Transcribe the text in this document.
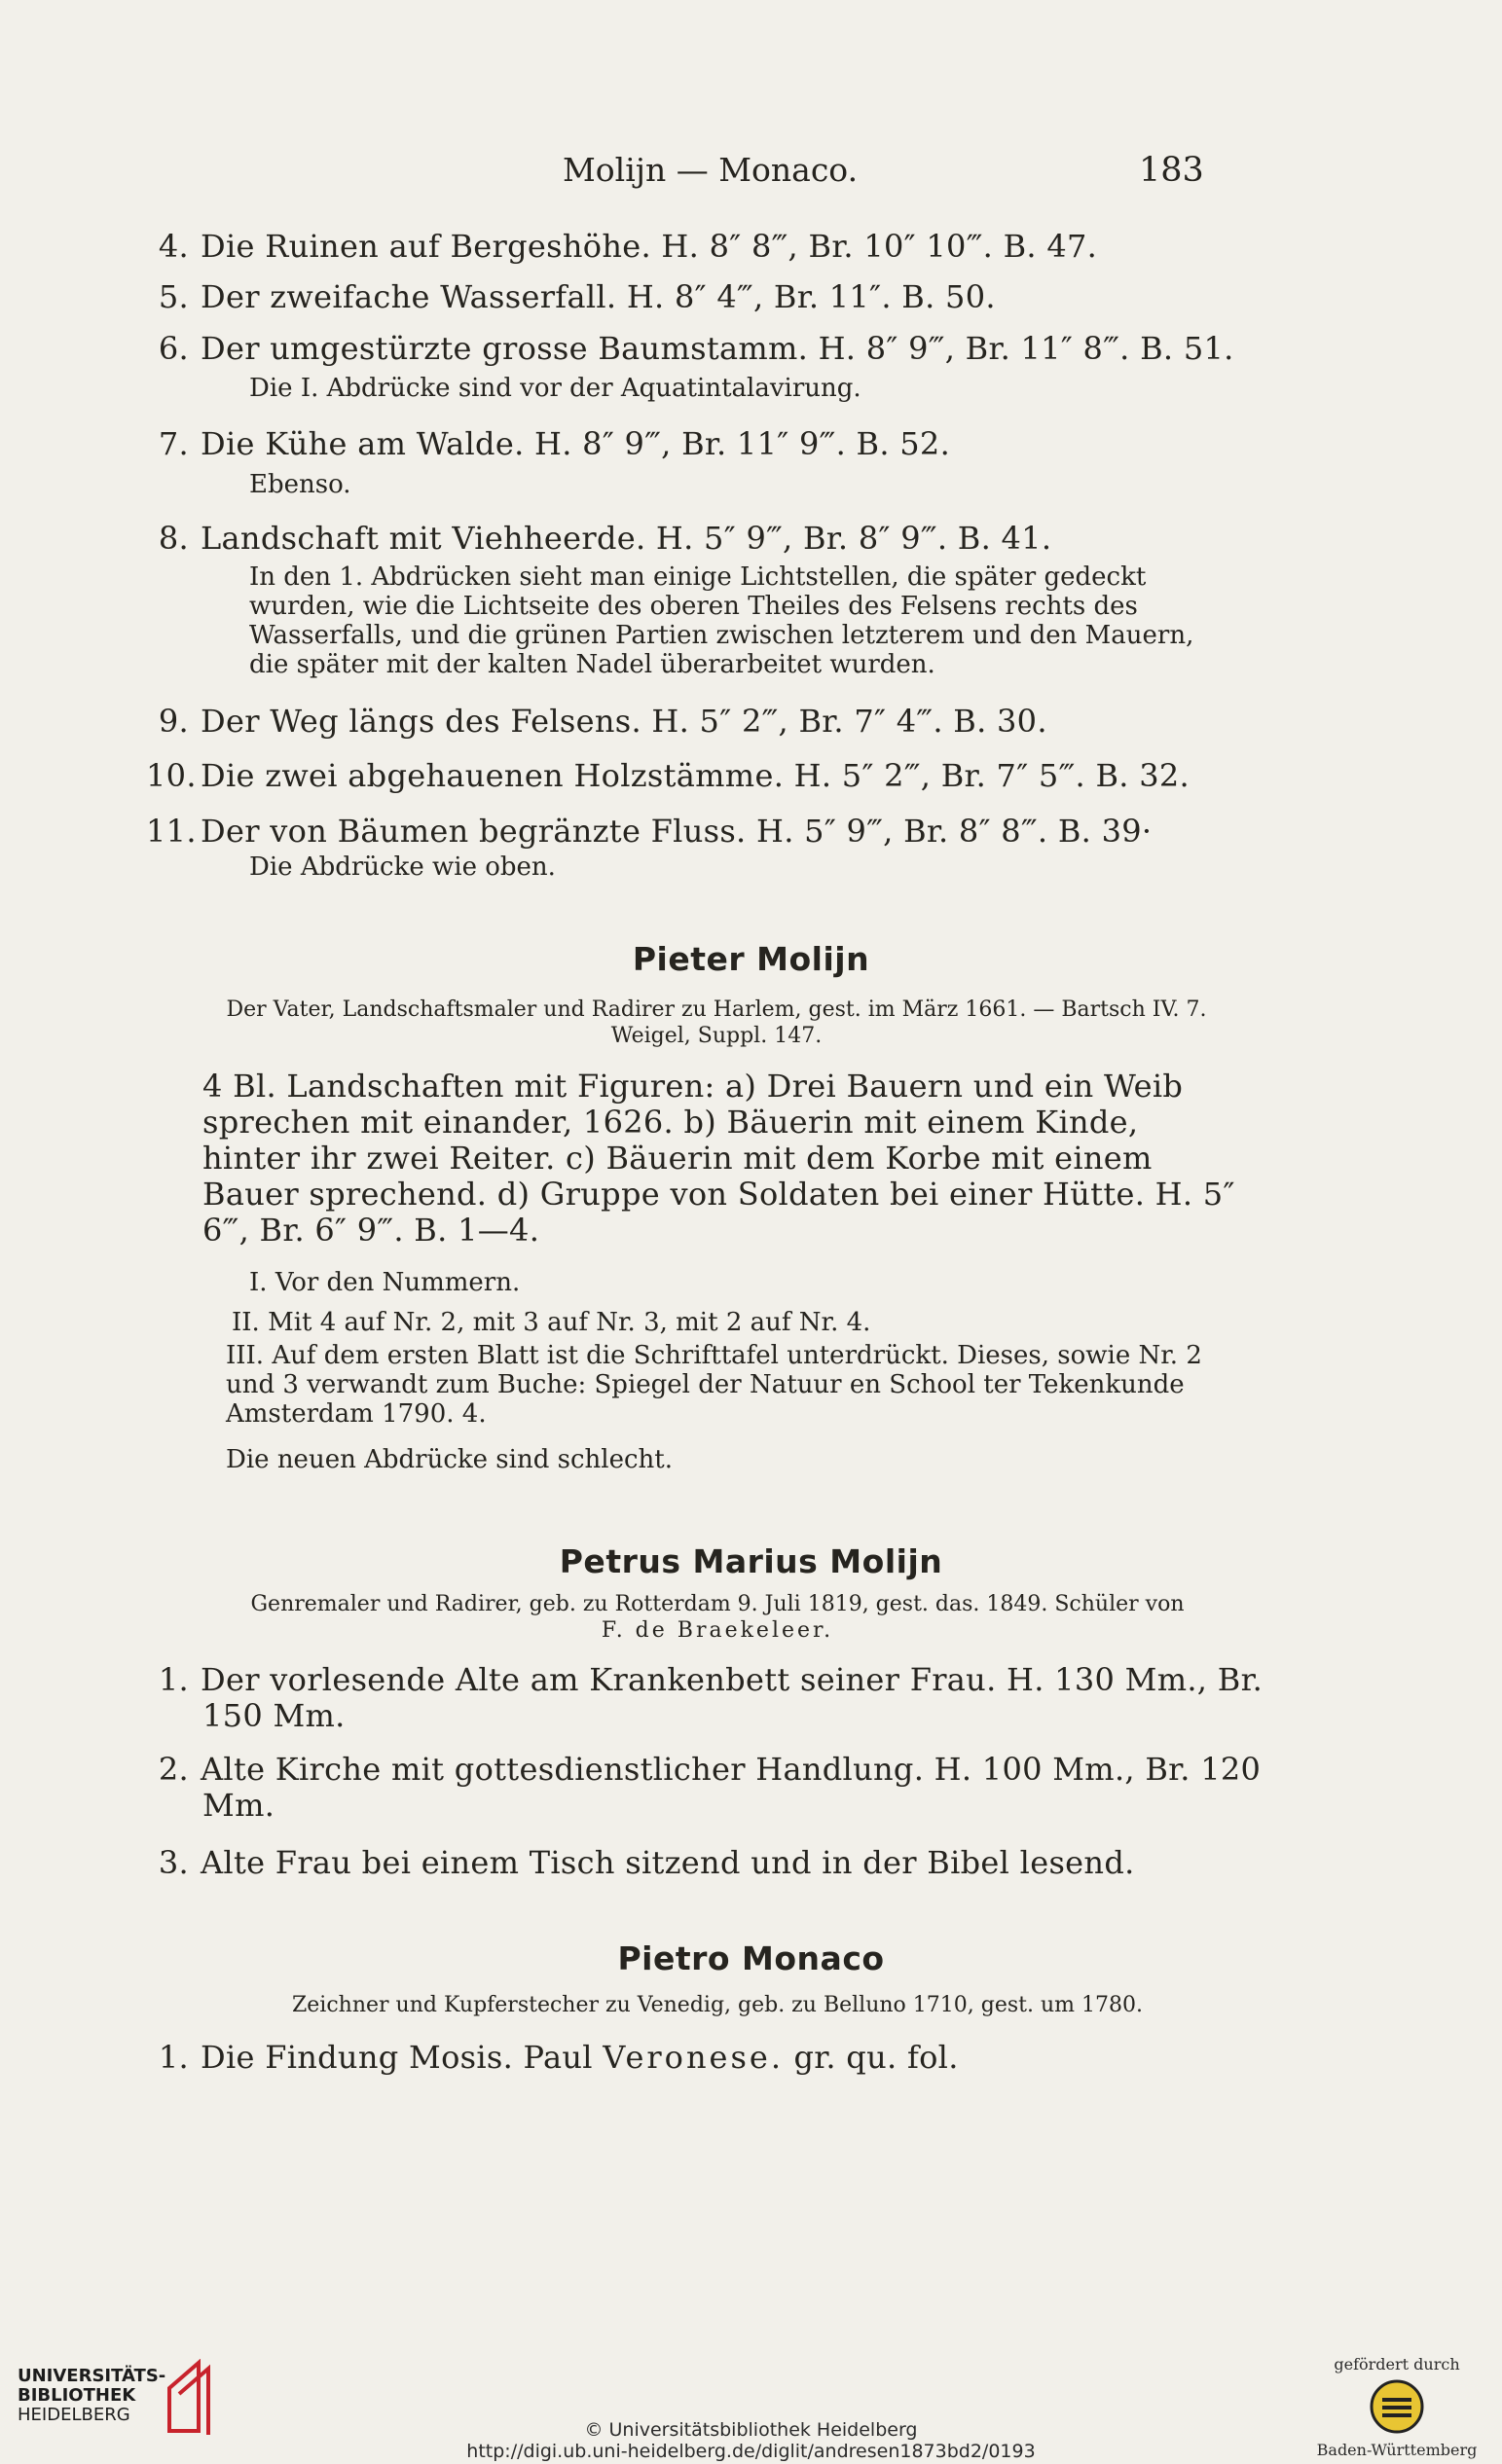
Molijn — Monaco.	183
4. Die Ruinen auf Bergeshöhe. H. 8″ 8‴, Br. 10″ 10‴. B. 47.
5. Der zweifache Wasserfall. H. 8″ 4‴, Br. 11″. B. 50.
6. Der umgestürzte grosse Baumstamm. H. 8″ 9‴, Br. 11″ 8‴. B. 51.
Die I. Abdrücke sind vor der Aquatintalavirung.
7. Die Kühe am Walde. H. 8″ 9‴, Br. 11″ 9‴. B. 52.
Ebenso.
8. Landschaft mit Viehheerde. H. 5″ 9‴, Br. 8″ 9‴. B. 41.
In den 1. Abdrücken sieht man einige Lichtstellen, die später gedeckt wurden, wie die Lichtseite des oberen Theiles des Felsens rechts des Wasserfalls, und die grünen Partien zwischen letzterem und den Mauern, die später mit der kalten Nadel überarbeitet wurden.
9. Der Weg längs des Felsens. H. 5″ 2‴, Br. 7″ 4‴. B. 30.
10. Die zwei abgehauenen Holzstämme. H. 5″ 2‴, Br. 7″ 5‴. B. 32.
11. Der von Bäumen begränzte Fluss. H. 5″ 9‴, Br. 8″ 8‴. B. 39·
Die Abdrücke wie oben.
Pieter Molijn
Der Vater, Landschaftsmaler und Radirer zu Harlem, gest. im März 1661. — Bartsch IV. 7. Weigel, Suppl. 147.
4 Bl. Landschaften mit Figuren: a) Drei Bauern und ein Weib sprechen mit einander, 1626. b) Bäuerin mit einem Kinde, hinter ihr zwei Reiter. c) Bäuerin mit dem Korbe mit einem Bauer sprechend. d) Gruppe von Soldaten bei einer Hütte. H. 5″ 6‴, Br. 6″ 9‴. B. 1—4.
I. Vor den Nummern.
II. Mit 4 auf Nr. 2, mit 3 auf Nr. 3, mit 2 auf Nr. 4.
III. Auf dem ersten Blatt ist die Schrifttafel unterdrückt. Dieses, sowie Nr. 2 und 3 verwandt zum Buche: Spiegel der Natuur en School ter Tekenkunde Amsterdam 1790. 4.
Die neuen Abdrücke sind schlecht.
Petrus Marius Molijn
Genremaler und Radirer, geb. zu Rotterdam 9. Juli 1819, gest. das. 1849. Schüler von
F. de Braekeleer.
1. Der vorlesende Alte am Krankenbett seiner Frau. H. 130 Mm., Br. 150 Mm.
2. Alte Kirche mit gottesdienstlicher Handlung. H. 100 Mm., Br. 120 Mm.
3. Alte Frau bei einem Tisch sitzend und in der Bibel lesend.
Pietro Monaco
Zeichner und Kupferstecher zu Venedig, geb. zu Belluno 1710, gest. um 1780.
1. Die Findung Mosis. Paul Veronese. gr. qu. fol.
UNIVERSITÄTS-
BIBLIOTHEK
HEIDELBERG
© Universitätsbibliothek Heidelberg
http://digi.ub.uni-heidelberg.de/diglit/andresen1873bd2/0193
gefördert durch
Baden-Württemberg
